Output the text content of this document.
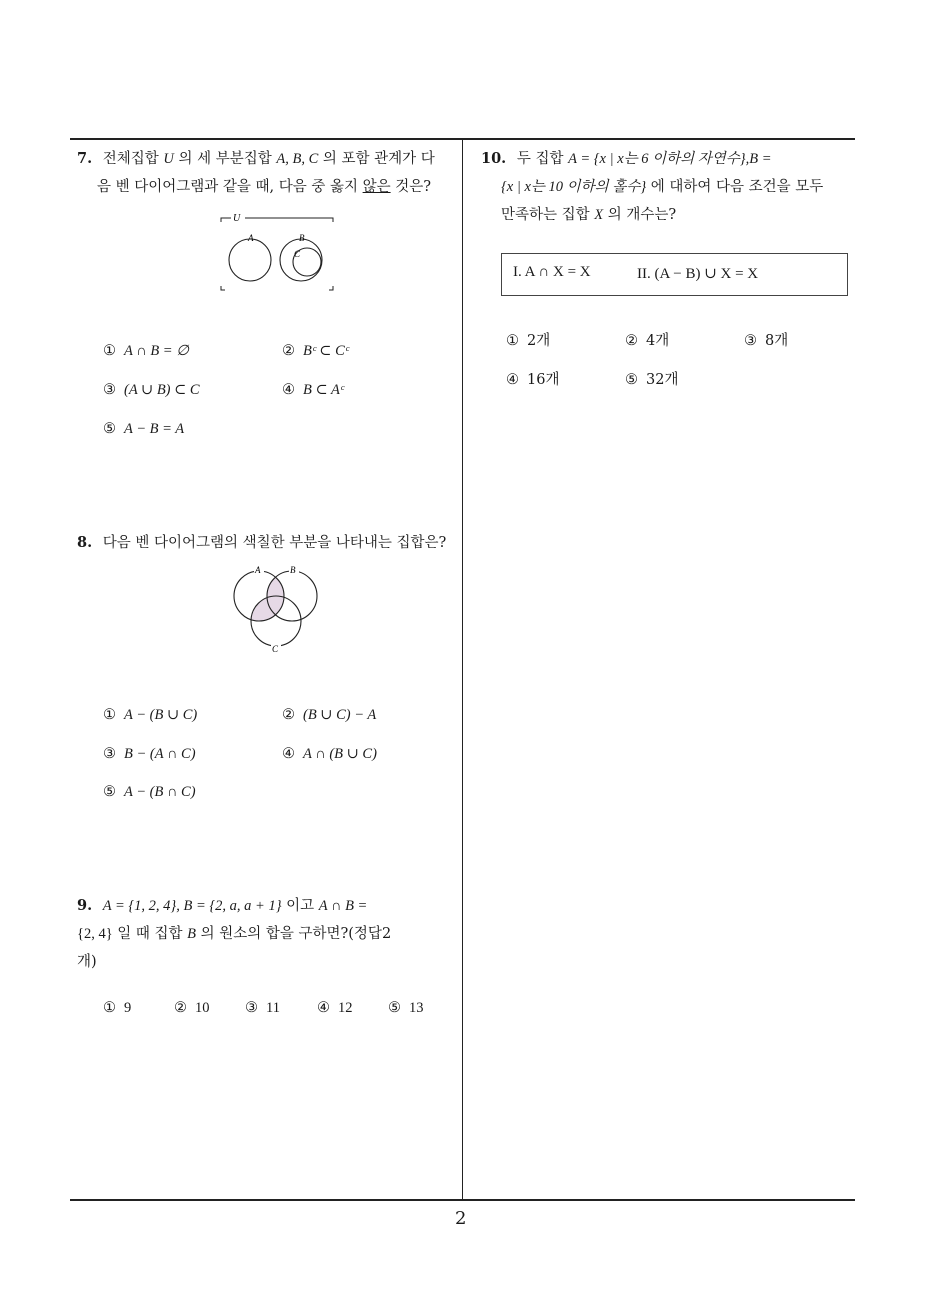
2
7. 전체집합 U 의 세 부분집합 A, B, C 의 포함 관계가 다
음 벤 다이어그램과 같을 때, 다음 중 옳지 않은 것은?
U
A	B
C
① A ∩ B = ∅	② Bᶜ ⊂ Cᶜ
③ (A ∪ B) ⊂ C	④ B ⊂ Aᶜ
⑤ A − B = A
8. 다음 벤 다이어그램의 색칠한 부분을 나타내는 집합은?
A	B
C
① A − (B ∪ C)	② (B ∪ C) − A
③ B − (A ∩ C)	④ A ∩ (B ∪ C)
⑤ A − (B ∩ C)
9. A = {1, 2, 4}, B = {2, a, a + 1} 이고 A ∩ B =
{2, 4} 일 때 집합 B 의 원소의 합을 구하면?(정답2
개)
① 9	② 10 ③ 11	④ 12 ⑤ 13
10. 두 집합 A = {x | x는 6 이하의 자연수},B =
{x | x는 10 이하의 홀수} 에 대하여 다음 조건을 모두
만족하는 집합 X 의 개수는?
I. A ∩ X = X	II. (A − B) ∪ X = X
① 2개	② 4개	③ 8개
④ 16개	⑤ 32개
